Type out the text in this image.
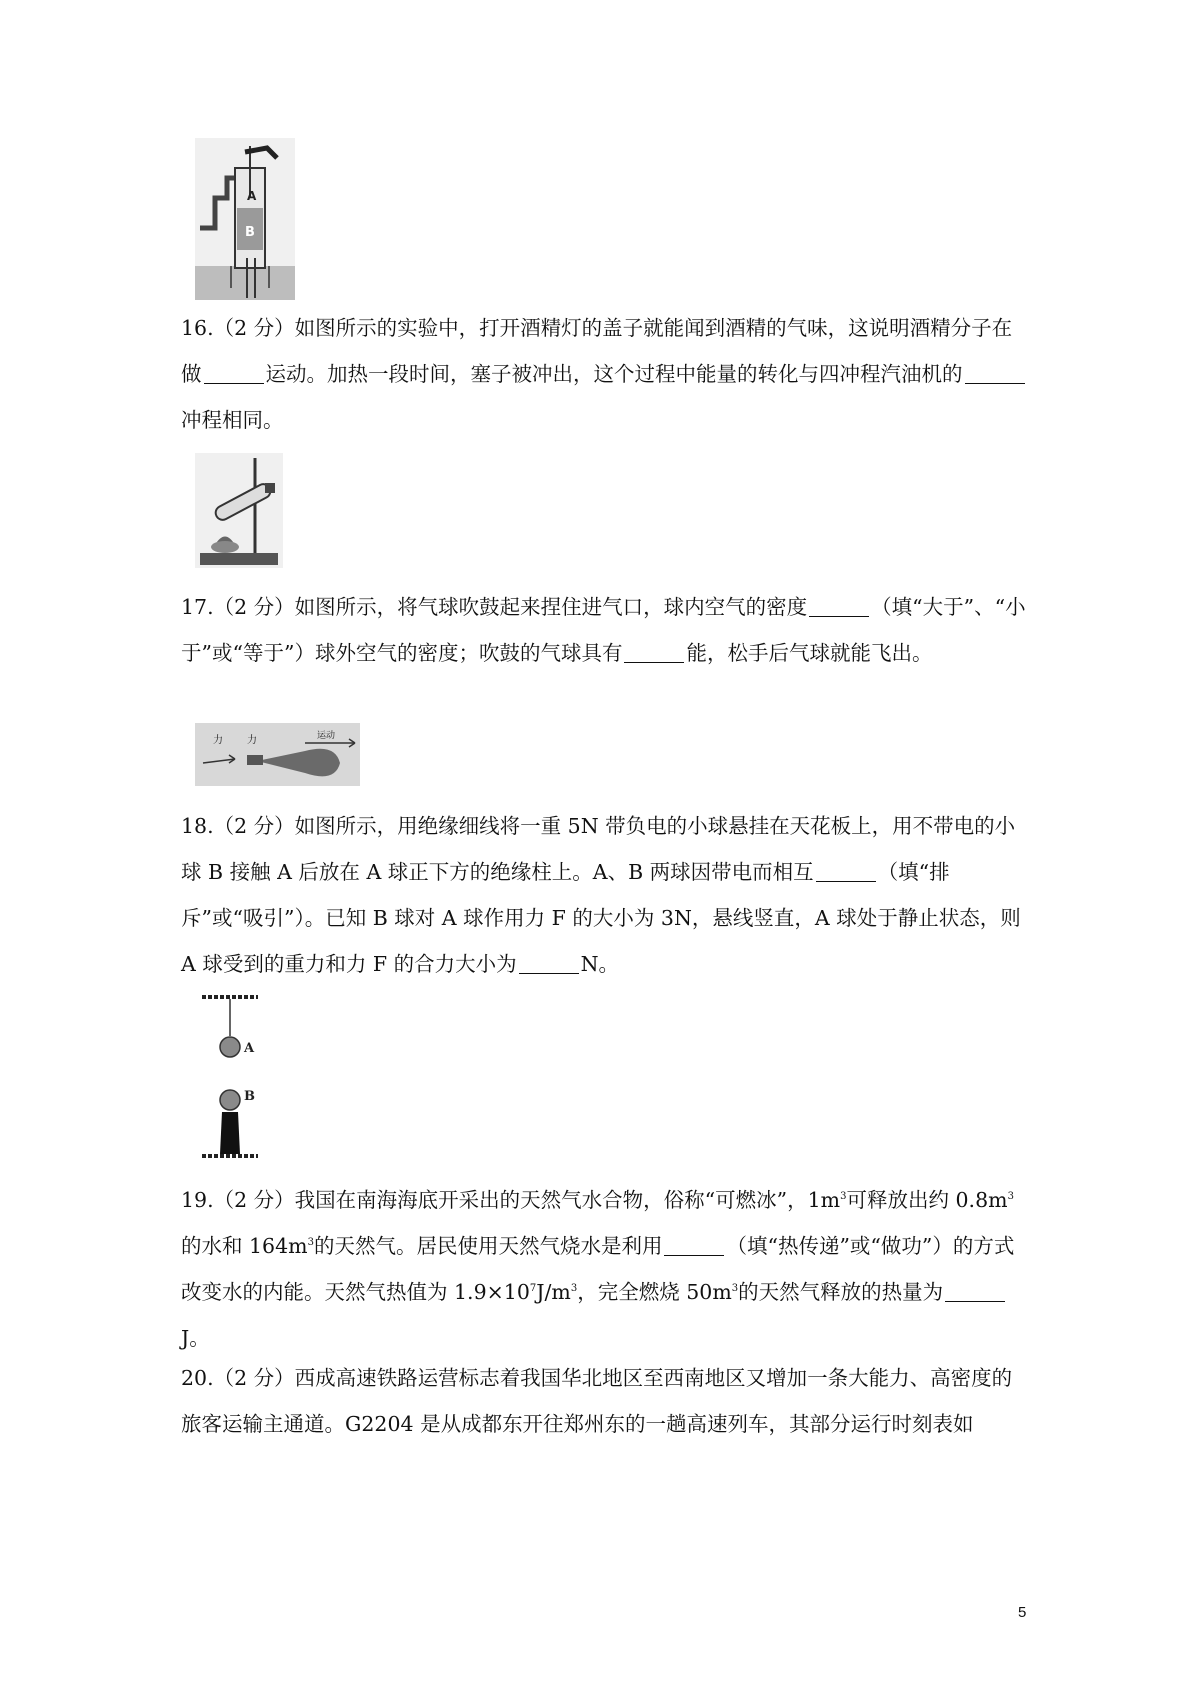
A
B

16.（2 分）如图所示的实验中，打开酒精灯的盖子就能闻到酒精的气味，这说明酒精分子在做	运动。加热一段时间，塞子被冲出，这个过程中能量的转化与四冲程汽油机的冲程相同。

17.（2 分）如图所示，将气球吹鼓起来捏住进气口，球内空气的密度	（填“大于”、“小于”或“等于”）球外空气的密度；吹鼓的气球具有	能，松手后气球就能飞出。

力 力	运动

18.（2 分）如图所示，用绝缘细线将一重 5N 带负电的小球悬挂在天花板上，用不带电的小球 B 接触 A 后放在 A 球正下方的绝缘柱上。A、B 两球因带电而相互	（填“排斥”或“吸引”）。已知 B 球对 A 球作用力 F 的大小为 3N，悬线竖直，A 球处于静止状态，则 A 球受到的重力和力 F 的合力大小为	N。

A
B

19.（2 分）我国在南海海底开采出的天然气水合物，俗称“可燃冰”，$1m^3$可释放出约 $0.8m^3$的水和 $164m^3$的天然气。居民使用天然气烧水是利用	（填“热传递”或“做功”）的方式改变水的内能。天然气热值为 $1.9\times 10^7J/m^3$，完全燃烧 $50m^3$的天然气释放的热量为J。

20.（2 分）西成高速铁路运营标志着我国华北地区至西南地区又增加一条大能力、高密度的旅客运输主通道。G2204 是从成都东开往郑州东的一趟高速列车，其部分运行时刻表如

5
